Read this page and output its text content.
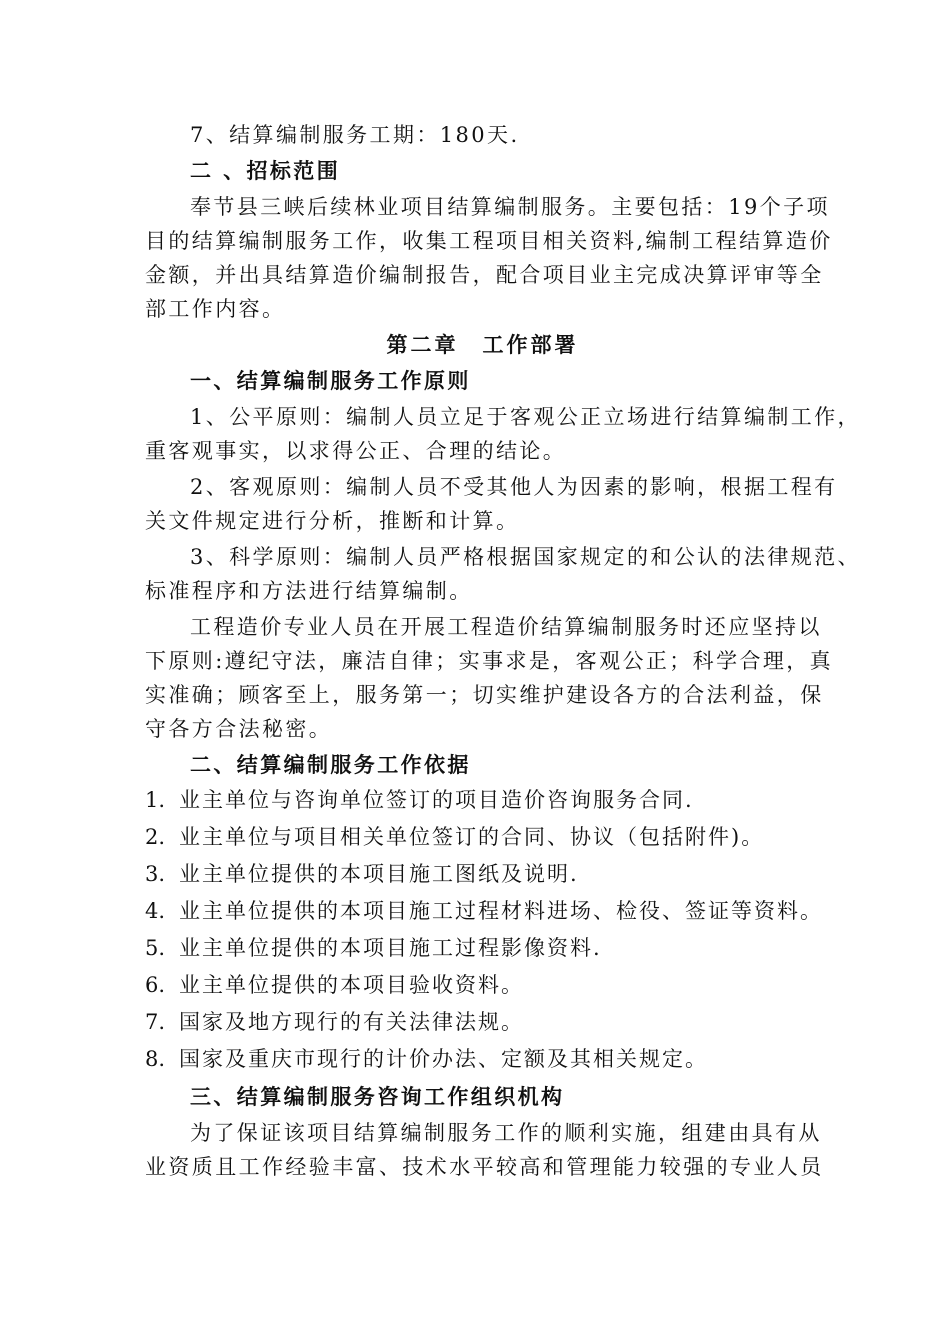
7、结算编制服务工期：180天.
二 、招标范围
奉节县三峡后续林业项目结算编制服务。主要包括：19个子项
目的结算编制服务工作，收集工程项目相关资料,编制工程结算造价
金额，并出具结算造价编制报告，配合项目业主完成决算评审等全
部工作内容。
第二章　工作部署
一、结算编制服务工作原则
1、公平原则：编制人员立足于客观公正立场进行结算编制工作，
重客观事实，以求得公正、合理的结论。
2、客观原则：编制人员不受其他人为因素的影响，根据工程有
关文件规定进行分析，推断和计算。
3、科学原则：编制人员严格根据国家规定的和公认的法律规范、
标准程序和方法进行结算编制。
工程造价专业人员在开展工程造价结算编制服务时还应坚持以
下原则:遵纪守法，廉洁自律；实事求是，客观公正；科学合理，真
实准确；顾客至上，服务第一；切实维护建设各方的合法利益，保
守各方合法秘密。
二、结算编制服务工作依据
1. 业主单位与咨询单位签订的项目造价咨询服务合同.
2. 业主单位与项目相关单位签订的合同、协议（包括附件)。
3. 业主单位提供的本项目施工图纸及说明.
4. 业主单位提供的本项目施工过程材料进场、检役、签证等资料。
5. 业主单位提供的本项目施工过程影像资料.
6. 业主单位提供的本项目验收资料。
7. 国家及地方现行的有关法律法规。
8. 国家及重庆市现行的计价办法、定额及其相关规定。
三、结算编制服务咨询工作组织机构
为了保证该项目结算编制服务工作的顺利实施，组建由具有从
业资质且工作经验丰富、技术水平较高和管理能力较强的专业人员
